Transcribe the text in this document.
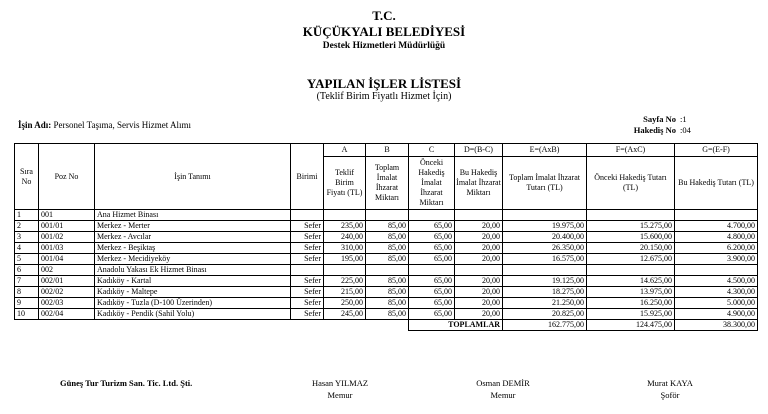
T.C.
KÜÇÜKYALI BELEDİYESİ
Destek Hizmetleri Müdürlüğü
YAPILAN İŞLER LİSTESİ
(Teklif Birim Fiyatlı Hizmet İçin)
İşin Adı: Personel Taşıma, Servis Hizmet Alımı
Sayfa No :1
Hakediş No :04
Sıra No	Poz No	İşin Tanımı	Birimi	A	B	C	D=(B-C)	E=(AxB)	F=(AxC)	G=(E-F)
				Teklif Birim Fiyatı (TL)	Toplam İmalat İhzarat Miktarı	Önceki Hakediş İmalat İhzarat Miktarı	Bu Hakediş İmalat İhzarat Miktarı	Toplam İmalat İhzarat Tutarı (TL)	Önceki Hakediş Tutarı (TL)	Bu Hakediş Tutarı (TL)
1	001	Ana Hizmet Binası								
2	001/01	Merkez - Merter	Sefer	235,00	85,00	65,00	20,00	19.975,00	15.275,00	4.700,00
3	001/02	Merkez - Avcılar	Sefer	240,00	85,00	65,00	20,00	20.400,00	15.600,00	4.800,00
4	001/03	Merkez - Beşiktaş	Sefer	310,00	85,00	65,00	20,00	26.350,00	20.150,00	6.200,00
5	001/04	Merkez - Mecidiyeköy	Sefer	195,00	85,00	65,00	20,00	16.575,00	12.675,00	3.900,00
6	002	Anadolu Yakası Ek Hizmet Binası								
7	002/01	Kadıköy - Kartal	Sefer	225,00	85,00	65,00	20,00	19.125,00	14.625,00	4.500,00
8	002/02	Kadıköy - Maltepe	Sefer	215,00	85,00	65,00	20,00	18.275,00	13.975,00	4.300,00
9	002/03	Kadıköy - Tuzla (D-100 Üzerinden)	Sefer	250,00	85,00	65,00	20,00	21.250,00	16.250,00	5.000,00
10	002/04	Kadıköy - Pendik (Sahil Yolu)	Sefer	245,00	85,00	65,00	20,00	20.825,00	15.925,00	4.900,00
						TOPLAMLAR		162.775,00	124.475,00	38.300,00
Güneş Tur Turizm San. Tic. Ltd. Şti.	Hasan YILMAZ
Memur
Osman DEMİR
Memur
Murat KAYA
Şoför
